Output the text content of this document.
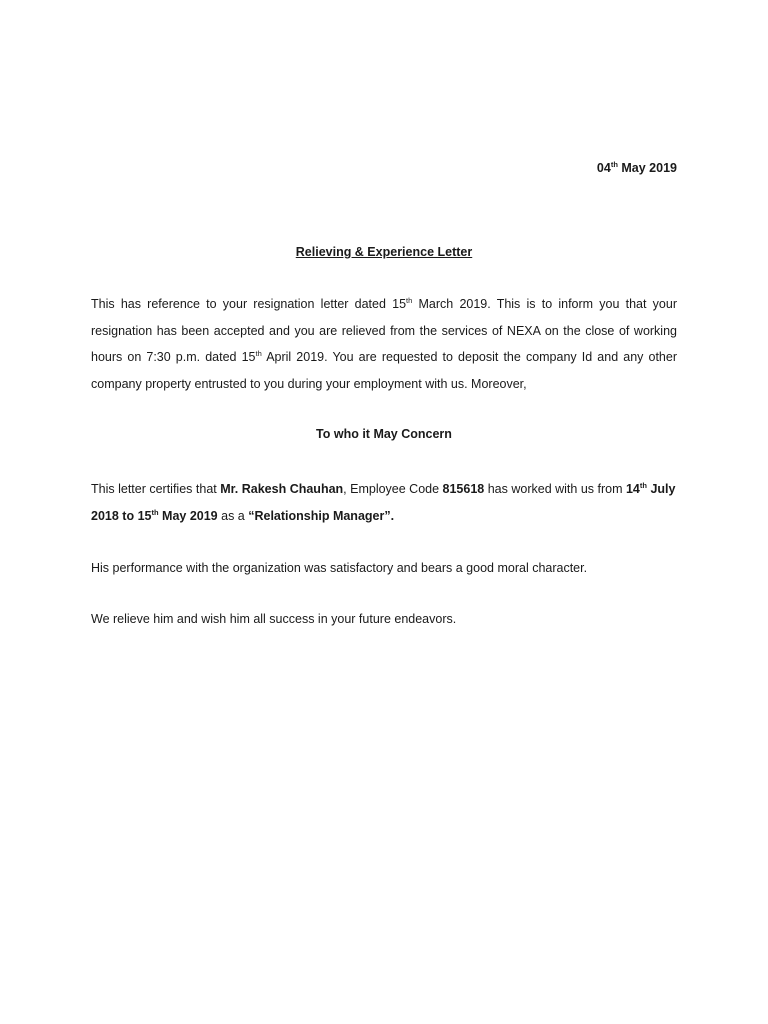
04th May 2019
Relieving & Experience Letter
This has reference to your resignation letter dated 15th March 2019. This is to inform you that your resignation has been accepted and you are relieved from the services of NEXA on the close of working hours on 7:30 p.m. dated 15th April 2019. You are requested to deposit the company Id and any other company property entrusted to you during your employment with us. Moreover,
To who it May Concern
This letter certifies that Mr. Rakesh Chauhan, Employee Code 815618 has worked with us from 14th July 2018 to 15th May 2019 as a “Relationship Manager”.
His performance with the organization was satisfactory and bears a good moral character.
We relieve him and wish him all success in your future endeavors.
